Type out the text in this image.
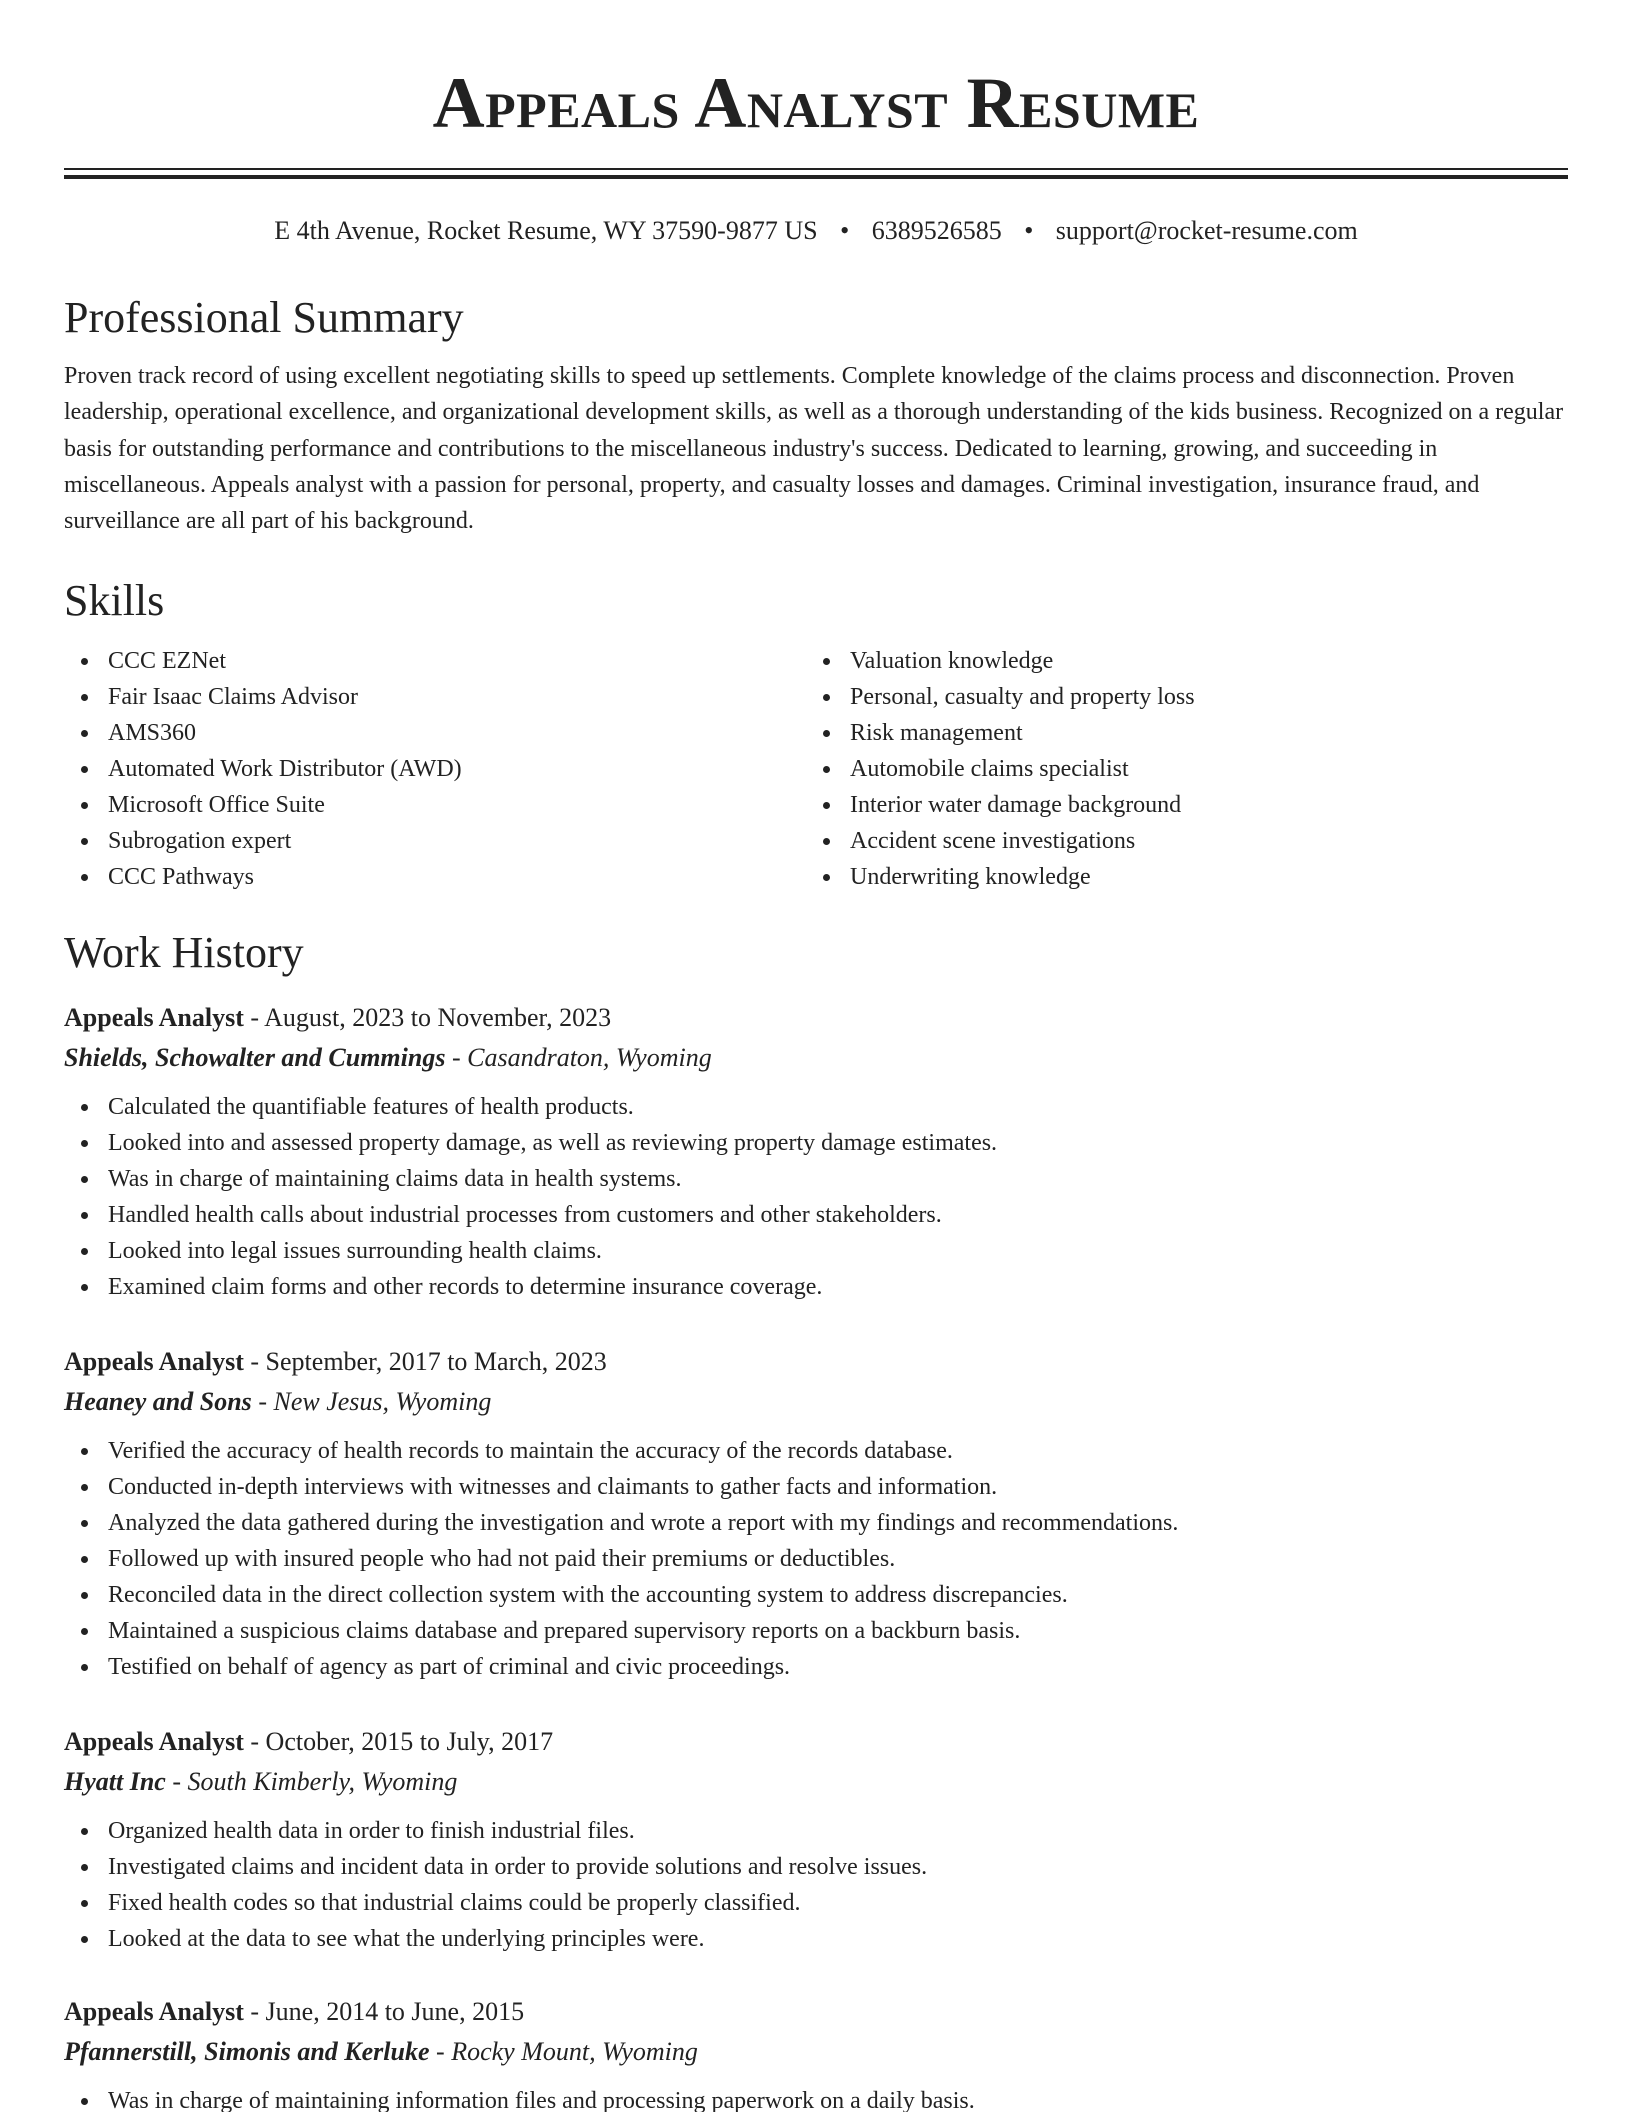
Appeals Analyst Resume
E 4th Avenue, Rocket Resume, WY 37590-9877 US • 6389526585 • support@rocket-resume.com
Professional Summary

Proven track record of using excellent negotiating skills to speed up settlements. Complete knowledge of the claims process and disconnection. Proven leadership, operational excellence, and organizational development skills, as well as a thorough understanding of the kids business. Recognized on a regular basis for outstanding performance and contributions to the miscellaneous industry's success. Dedicated to learning, growing, and succeeding in miscellaneous. Appeals analyst with a passion for personal, property, and casualty losses and damages. Criminal investigation, insurance fraud, and surveillance are all part of his background.

Skills
CCC EZNet
Fair Isaac Claims Advisor
AMS360
Automated Work Distributor (AWD)
Microsoft Office Suite
Subrogation expert
CCC Pathways
Valuation knowledge
Personal, casualty and property loss
Risk management
Automobile claims specialist
Interior water damage background
Accident scene investigations
Underwriting knowledge
Work History

Appeals Analyst - August, 2023 to November, 2023

Shields, Schowalter and Cummings - Casandraton, Wyoming

Calculated the quantifiable features of health products.
Looked into and assessed property damage, as well as reviewing property damage estimates.
Was in charge of maintaining claims data in health systems.
Handled health calls about industrial processes from customers and other stakeholders.
Looked into legal issues surrounding health claims.
Examined claim forms and other records to determine insurance coverage.

Appeals Analyst - September, 2017 to March, 2023

Heaney and Sons - New Jesus, Wyoming

Verified the accuracy of health records to maintain the accuracy of the records database.
Conducted in-depth interviews with witnesses and claimants to gather facts and information.
Analyzed the data gathered during the investigation and wrote a report with my findings and recommendations.
Followed up with insured people who had not paid their premiums or deductibles.
Reconciled data in the direct collection system with the accounting system to address discrepancies.
Maintained a suspicious claims database and prepared supervisory reports on a backburn basis.
Testified on behalf of agency as part of criminal and civic proceedings.

Appeals Analyst - October, 2015 to July, 2017

Hyatt Inc - South Kimberly, Wyoming

Organized health data in order to finish industrial files.
Investigated claims and incident data in order to provide solutions and resolve issues.
Fixed health codes so that industrial claims could be properly classified.
Looked at the data to see what the underlying principles were.

Appeals Analyst - June, 2014 to June, 2015

Pfannerstill, Simonis and Kerluke - Rocky Mount, Wyoming

Was in charge of maintaining information files and processing paperwork on a daily basis.
